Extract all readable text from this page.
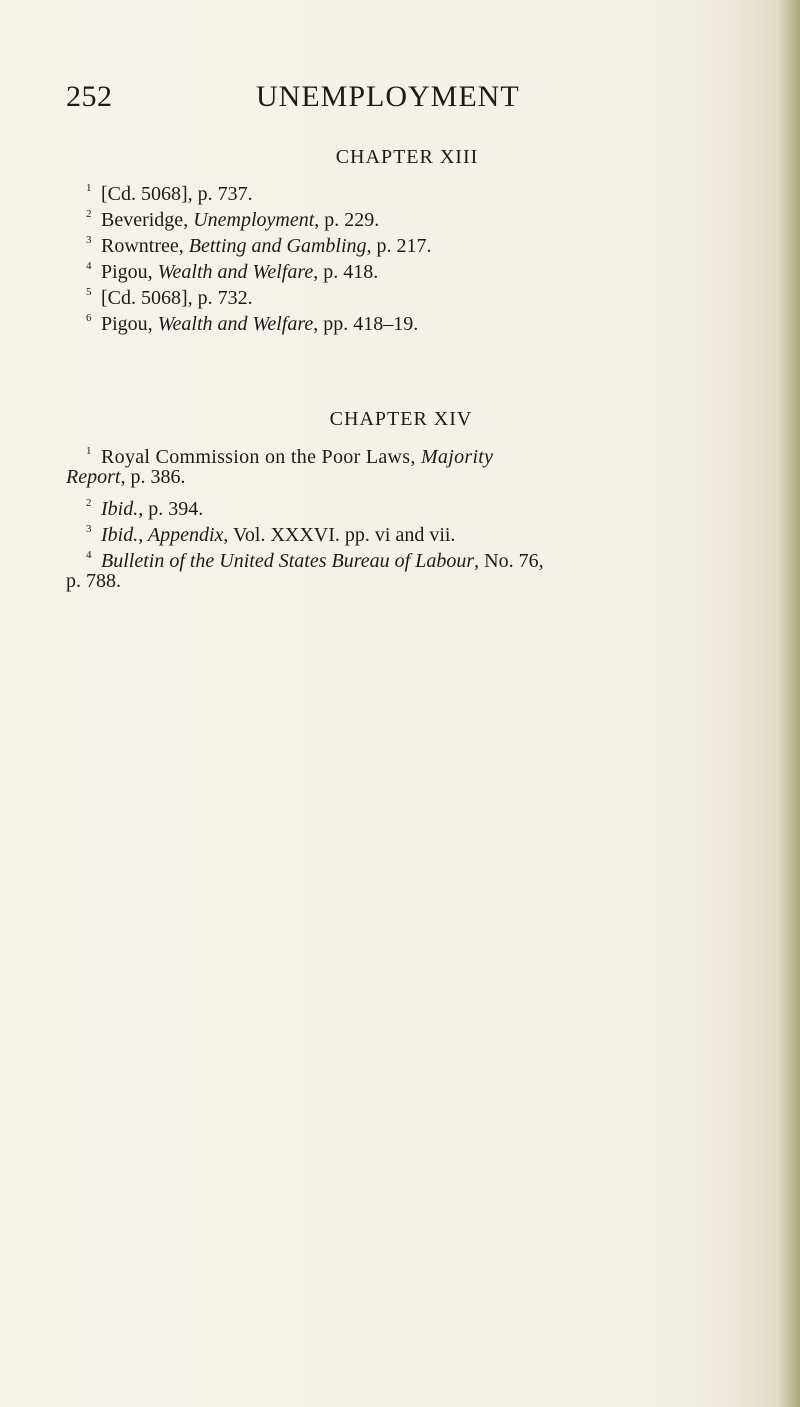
252	UNEMPLOYMENT
CHAPTER XIII
1 [Cd. 5068], p. 737.
2 Beveridge, Unemployment, p. 229.
3 Rowntree, Betting and Gambling, p. 217.
4 Pigou, Wealth and Welfare, p. 418.
5 [Cd. 5068], p. 732.
6 Pigou, Wealth and Welfare, pp. 418–19.
CHAPTER XIV
1 Royal Commission on the Poor Laws, Majority
Report, p. 386.
2 Ibid., p. 394.
3 Ibid., Appendix, Vol. XXXVI. pp. vi and vii.
4 Bulletin of the United States Bureau of Labour, No. 76,
p. 788.
